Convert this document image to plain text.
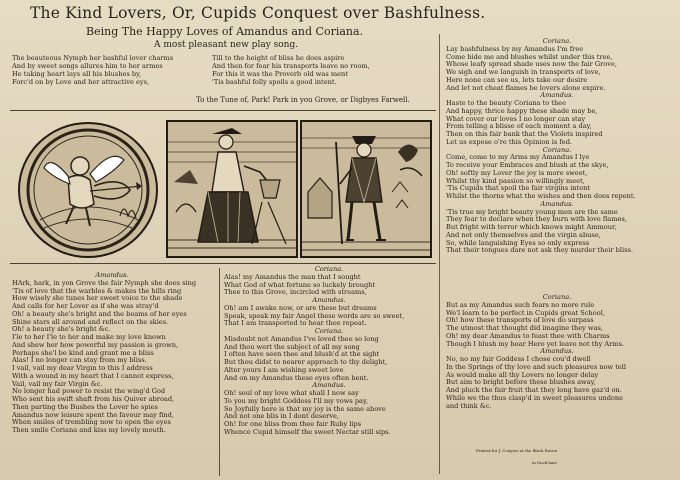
The Kind Lovers, Or, Cupids Conquest over Bashfulness.
Being The Happy Loves of Amandus and Coriana.
A most pleasant new play song.
The beauteous Nymph her bashful lover charms
And by sweet songs allures him to her armes
He taking heart lays all his blushes by,
Forc'd on by Love and her attractive eys,
Till to the height of bliss he does aspire
And then for fear his transports leave no room,
For this it was the Proverb old was ment
'Tis bashful folly spoils a good intent.
To the Tune of, Park! Park in you Grove, or Digbyes Farwell.
Amandus.
HArk, hark, in yon Grove the fair Nymph she does sing
'Tis of love that the warbles & makes the hills ring
How wisely she tunes her sweet voice to the shade
And calls for her Lover as if she was stray'd
Oh! a beauty she's bright and the beams of her eyes
Shine stars all around and reflect on the skies.
Oh! a beauty she's bright &c.
I'le to her I'le to her and make my love known
And shew her how powerful my passion is grown,
Perhaps she'l be kind and grant me a bliss
Alas! I no longer can stay from my bliss.
I vail, vail my dear Virgin to this I address
With a wound in my heart that I cannot express,
Vail, vail my fair Virgin &c.
No longer had power to resist the wing'd God
Who sent his swift shaft from his Quiver abroad,
Then parting the Bushes the Lover he spies
Amandus now leisure spent the favour may find,
When smiles of trembling now to open the eyes
Then smile Coriana and kiss my lovely mouth.
Coriana.
Alas! my Amandus the man that I sought
What God of what fortune so luckely brought
Thee to this Grove, incircled with streams,
Amandus.
Oh! am I awake now, or are these but dreams
Speak, speak my fair Angel these words are so sweet,
That I am transported to hear thee repeat.
Coriana.
Misdoubt not Amandus I've loved thee so long
And thou wert the subject of all my song
I often have seen thee and blush'd at the sight
But thou didst to nearer approach to thy delight,
Alter yours I am wishing sweet love
And on my Amandus these eyes often bent.
Amandus.
Oh! soul of my love what shall I now say
To you my bright Goddess I'll my vows pay,
So Joyfully here is that my joy is the same above
And not one blis in I dont deserve,
Oh! for one bliss from thee fair Ruby lips
Whence Cupid himself the sweet Nectar still sips.
Coriana.
Lay bashfulness by my Amandus I'm free
Come hide me and blushes whilst under this tree,
Whose leafy spread shade uses now the fair Grove,
We sigh and we languish in transports of love,
Here none can see us, lets take our desire
And let not cheat flames be lovers alone expire.
Amandus.
Haste to the beauty Coriana to thee
And happy, thrice happy these shade may be,
What cover our loves I no longer can stay
From telling a blisse of each moment a day,
Then on this fair bank that the Violets inspired
Let us expose o're this Opinion is fed.
Coriana.
Come, come to my Arms my Amandus I lye
To receive your Embraces and blush at the skye,
Oh! softly my Lover the joy is more sweet,
Whilst thy kind passion so willingly meet,
'Tis Cupids that spoil the fair virgins intent
Whilst the thorns what the wishes and then does repent.
Amandus.
'Tis true my bright beauty young men are the same
They fear to declare when they burn with love flames,
But fright with terror which knows might Ammour,
And not only themselves and the virgin abuse,
So, while languishing Eyes so only express
That their tongues dare not ask they murder their bliss.
Coriana.
But as my Amandus such fears no more rule
We'l learn to be perfect in Cupids great School,
Oh! how these transports of love do surpass
The utmost that thought did imagine they was,
Oh! my dear Amandus to feast thee with Charms
Though I blush my hear Hero yet leave not thy Arms.
Amandus.
No, no my fair Goddess I chose cou'd dwell
In the Springs of thy love and such pleasures now tell
As would make all thy Lovers no longer delay
But aim to bright before these blushes away,
And pluck the fair fruit that they long have gaz'd on.
While we the thus clasp'd in sweet pleasures undone
and think &c.
Printed for J. Conyers at the Black Raven
in Duck-lane
